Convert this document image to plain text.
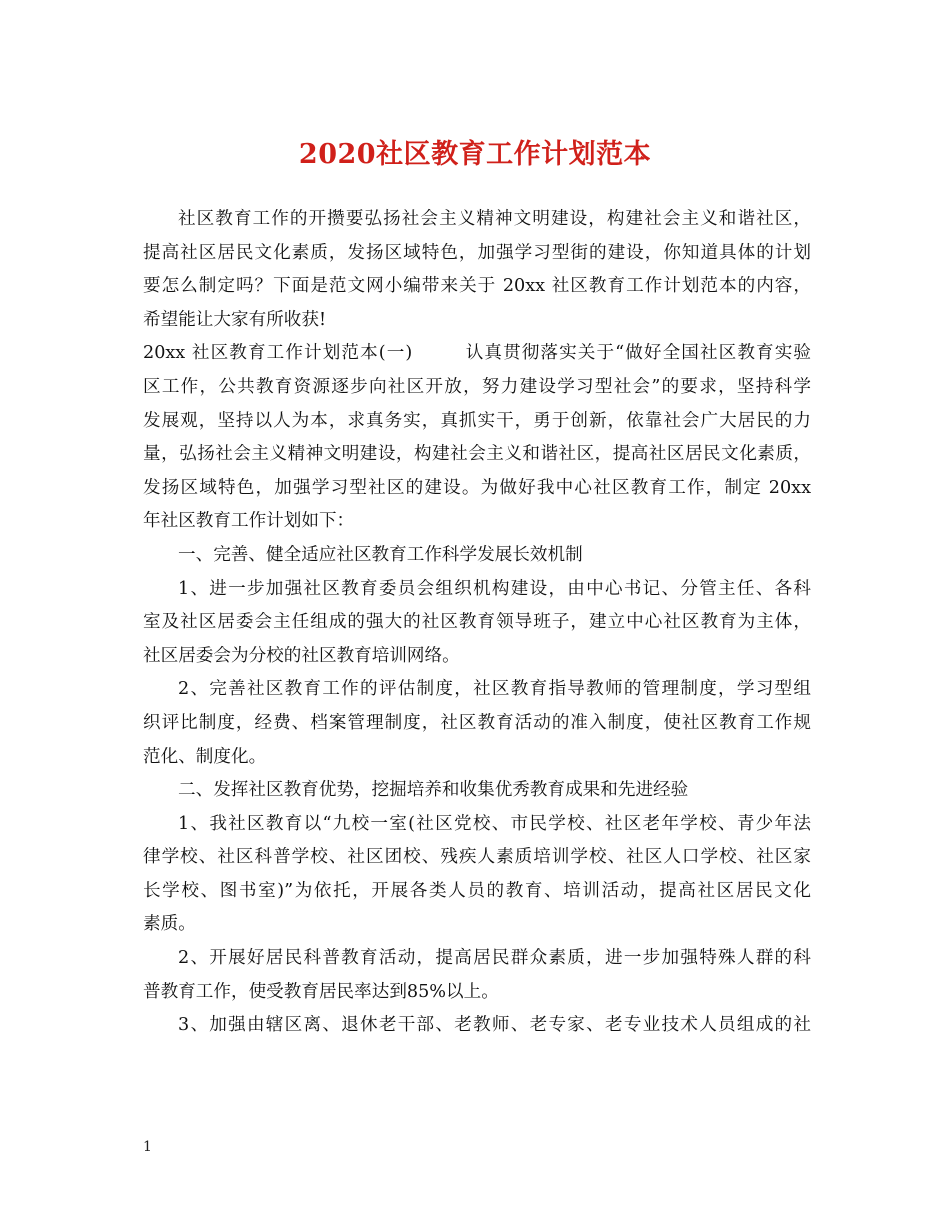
2020社区教育工作计划范本
社区教育工作的开攒要弘扬社会主义精神文明建设，构建社会主义和谐社区，
提高社区居民文化素质，发扬区域特色，加强学习型街的建设，你知道具体的计划
要怎么制定吗？下面是范文网小编带来关于 20xx 社区教育工作计划范本的内容，
希望能让大家有所收获!
20xx 社区教育工作计划范本(一)        认真贯彻落实关于“做好全国社区教育实验
区工作，公共教育资源逐步向社区开放，努力建设学习型社会”的要求，坚持科学
发展观，坚持以人为本，求真务实，真抓实干，勇于创新，依靠社会广大居民的力
量，弘扬社会主义精神文明建设，构建社会主义和谐社区，提高社区居民文化素质，
发扬区域特色，加强学习型社区的建设。为做好我中心社区教育工作，制定 20xx
年社区教育工作计划如下：
一、完善、健全适应社区教育工作科学发展长效机制
1、进一步加强社区教育委员会组织机构建设，由中心书记、分管主任、各科
室及社区居委会主任组成的强大的社区教育领导班子，建立中心社区教育为主体，
社区居委会为分校的社区教育培训网络。
2、完善社区教育工作的评估制度，社区教育指导教师的管理制度，学习型组
织评比制度，经费、档案管理制度，社区教育活动的准入制度，使社区教育工作规
范化、制度化。
二、发挥社区教育优势，挖掘培养和收集优秀教育成果和先进经验
1、我社区教育以“九校一室(社区党校、市民学校、社区老年学校、青少年法
律学校、社区科普学校、社区团校、残疾人素质培训学校、社区人口学校、社区家
长学校、图书室)”为依托，开展各类人员的教育、培训活动，提高社区居民文化
素质。
2、开展好居民科普教育活动，提高居民群众素质，进一步加强特殊人群的科
普教育工作，使受教育居民率达到85%以上。
3、加强由辖区离、退休老干部、老教师、老专家、老专业技术人员组成的社
1
